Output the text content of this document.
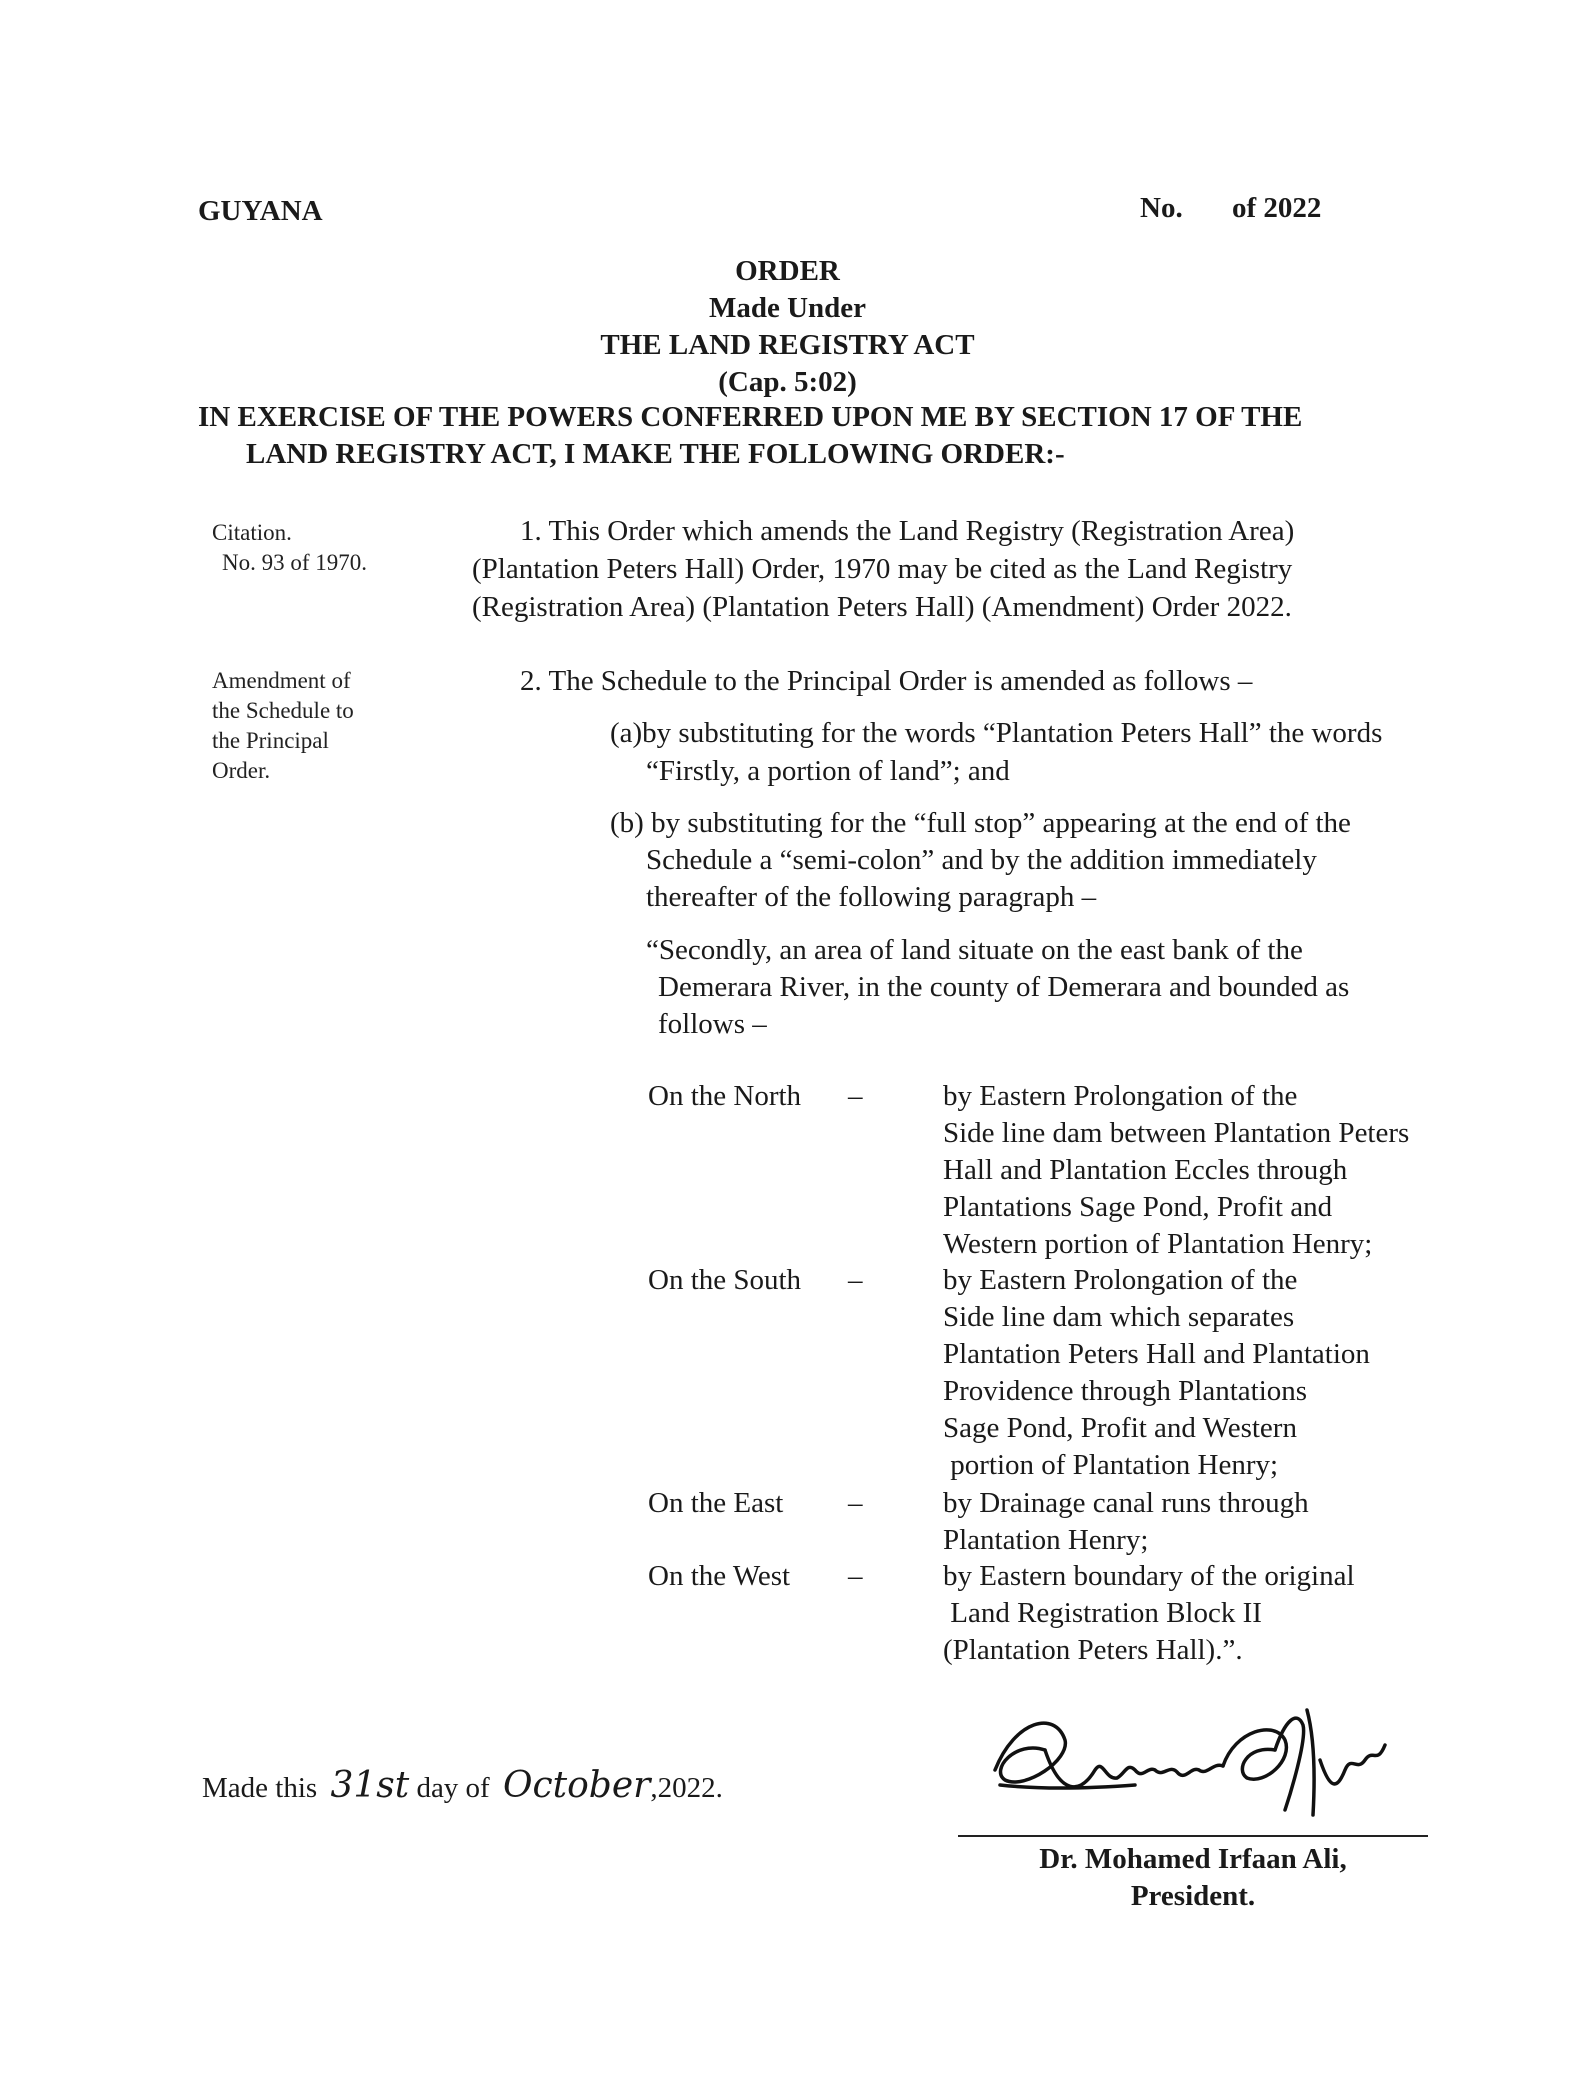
GUYANA	No. of 2022
ORDER
Made Under
THE LAND REGISTRY ACT
(Cap. 5:02)
IN EXERCISE OF THE POWERS CONFERRED UPON ME BY SECTION 17 OF THE
LAND REGISTRY ACT, I MAKE THE FOLLOWING ORDER:-
Citation.
No. 93 of 1970.
Amendment of
the Schedule to
the Principal
Order.
1. This Order which amends the Land Registry (Registration Area)
(Plantation Peters Hall) Order, 1970 may be cited as the Land Registry
(Registration Area) (Plantation Peters Hall) (Amendment) Order 2022.
2. The Schedule to the Principal Order is amended as follows –
(a)by substituting for the words “Plantation Peters Hall” the words
“Firstly, a portion of land”; and
(b) by substituting for the “full stop” appearing at the end of the
Schedule a “semi-colon” and by the addition immediately
thereafter of the following paragraph –
“Secondly, an area of land situate on the east bank of the
Demerara River, in the county of Demerara and bounded as
follows –
On the North	–	by Eastern Prolongation of the
Side line dam between Plantation Peters
Hall and Plantation Eccles through
Plantations Sage Pond, Profit and
Western portion of Plantation Henry;
On the South	–	by Eastern Prolongation of the
Side line dam which separates
Plantation Peters Hall and Plantation
Providence through Plantations
Sage Pond, Profit and Western
portion of Plantation Henry;
On the East	–	by Drainage canal runs through
Plantation Henry;
On the West	–	by Eastern boundary of the original
Land Registration Block II
(Plantation Peters Hall).”.
Made this 31st day of October,2022.
Dr. Mohamed Irfaan Ali,
President.
